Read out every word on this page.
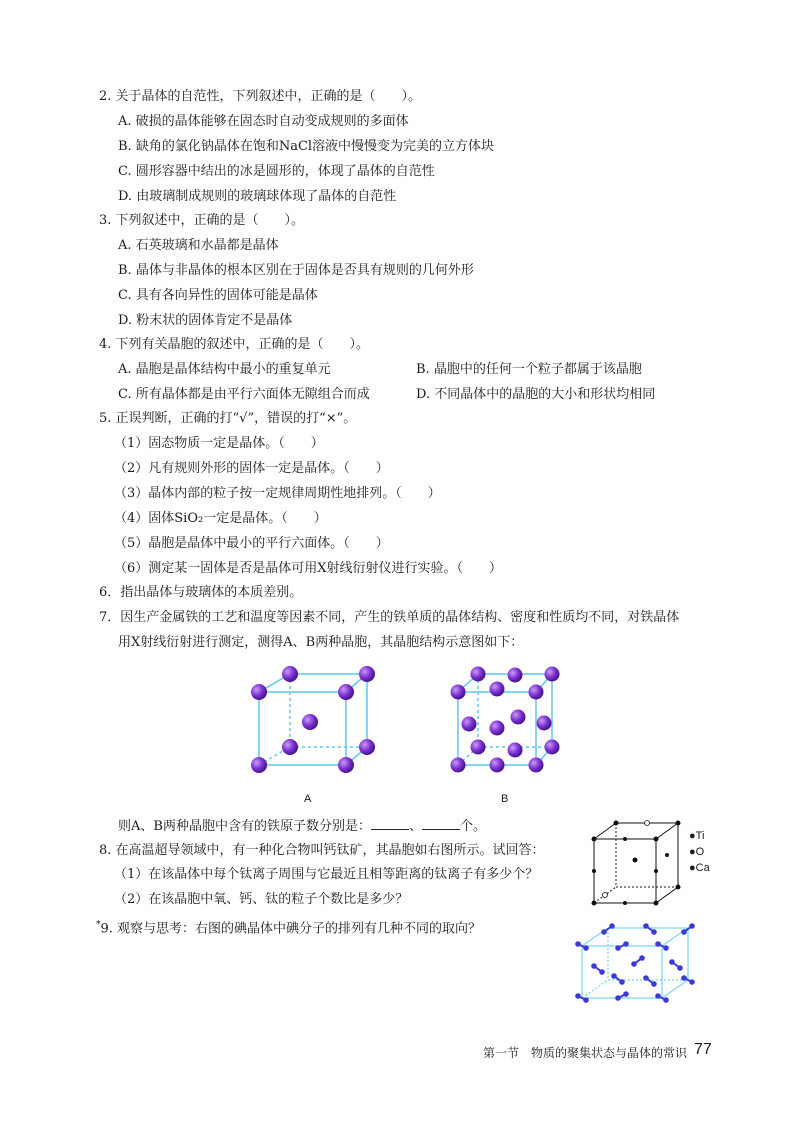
2. 关于晶体的自范性，下列叙述中，正确的是（　　）。
A. 破损的晶体能够在固态时自动变成规则的多面体
B. 缺角的氯化钠晶体在饱和NaCl溶液中慢慢变为完美的立方体块
C. 圆形容器中结出的冰是圆形的，体现了晶体的自范性
D. 由玻璃制成规则的玻璃球体现了晶体的自范性
3. 下列叙述中，正确的是（　　）。
A. 石英玻璃和水晶都是晶体
B. 晶体与非晶体的根本区别在于固体是否具有规则的几何外形
C. 具有各向异性的固体可能是晶体
D. 粉末状的固体肯定不是晶体
4. 下列有关晶胞的叙述中，正确的是（　　）。
A. 晶胞是晶体结构中最小的重复单元	B. 晶胞中的任何一个粒子都属于该晶胞
C. 所有晶体都是由平行六面体无隙组合而成	D. 不同晶体中的晶胞的大小和形状均相同
5. 正误判断，正确的打“√”，错误的打“×”。
（1）固态物质一定是晶体。（　　）
（2）凡有规则外形的固体一定是晶体。（　　）
（3）晶体内部的粒子按一定规律周期性地排列。（　　）
（4）固体SiO₂一定是晶体。（　　）
（5）晶胞是晶体中最小的平行六面体。（　　）
（6）测定某一固体是否是晶体可用X射线衍射仪进行实验。（　　）
6．指出晶体与玻璃体的本质差别。
7．因生产金属铁的工艺和温度等因素不同，产生的铁单质的晶体结构、密度和性质均不同，对铁晶体
用X射线衍射进行测定，测得A、B两种晶胞，其晶胞结构示意图如下：
A	B
则A、B两种晶胞中含有的铁原子数分别是：	、	个。
8. 在高温超导领域中，有一种化合物叫钙钛矿，其晶胞如右图所示。试回答：
（1）在该晶体中每个钛离子周围与它最近且相等距离的钛离子有多少个？
（2）在该晶胞中氧、钙、钛的粒子个数比是多少？
●Ti
●O
●Ca
*9. 观察与思考：右图的碘晶体中碘分子的排列有几种不同的取向？
第一节　物质的聚集状态与晶体的常识 77
